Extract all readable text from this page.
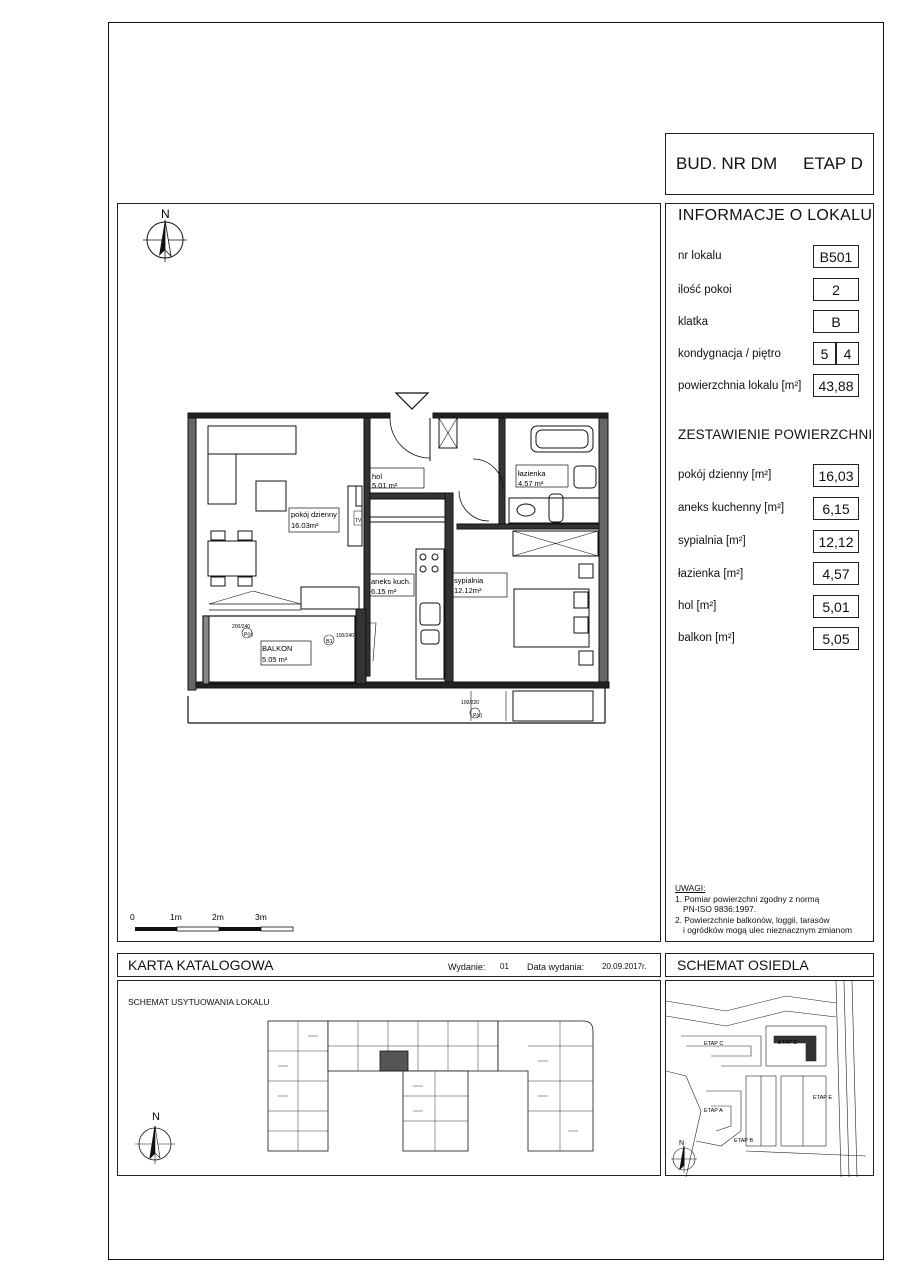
BUD. NR DM ETAP D
N
pokój dzienny
16.03m²
hol
5.01 m²
łazienka
4.57 m²
aneks kuch.
6.15 m²
sypialnia
12.12m²
BALKON
5.05 m²
B1
100/240
P(c)
200/240
P(c)
100/220
TV
0	1m	2m	3m
INFORMACJE O LOKALU
nr lokalu	B501
ilość pokoi	2
klatka	B
kondygnacja / piętro	5	4
powierzchnia lokalu [m²]	43,88
ZESTAWIENIE POWIERZCHNI
pokój dzienny [m²]	16,03
aneks kuchenny [m²]	6,15
sypialnia [m²]	12,12
łazienka [m²]	4,57
hol [m²]	5,01
balkon [m²]	5,05
UWAGI:
1. Pomiar powierzchni zgodny z normą
PN-ISO 9836:1997.
2. Powierzchnie balkonów, loggii, tarasów
i ogródków mogą ulec nieznacznym zmianom
KARTA KATALOGOWA	Wydanie: 01 Data wydania: 20.09.2017r.
SCHEMAT USYTUOWANIA LOKALU
N
SCHEMAT OSIEDLA
N
ETAP C	ETAP D
ETAP A
ETAP B
ETAP E
DM
